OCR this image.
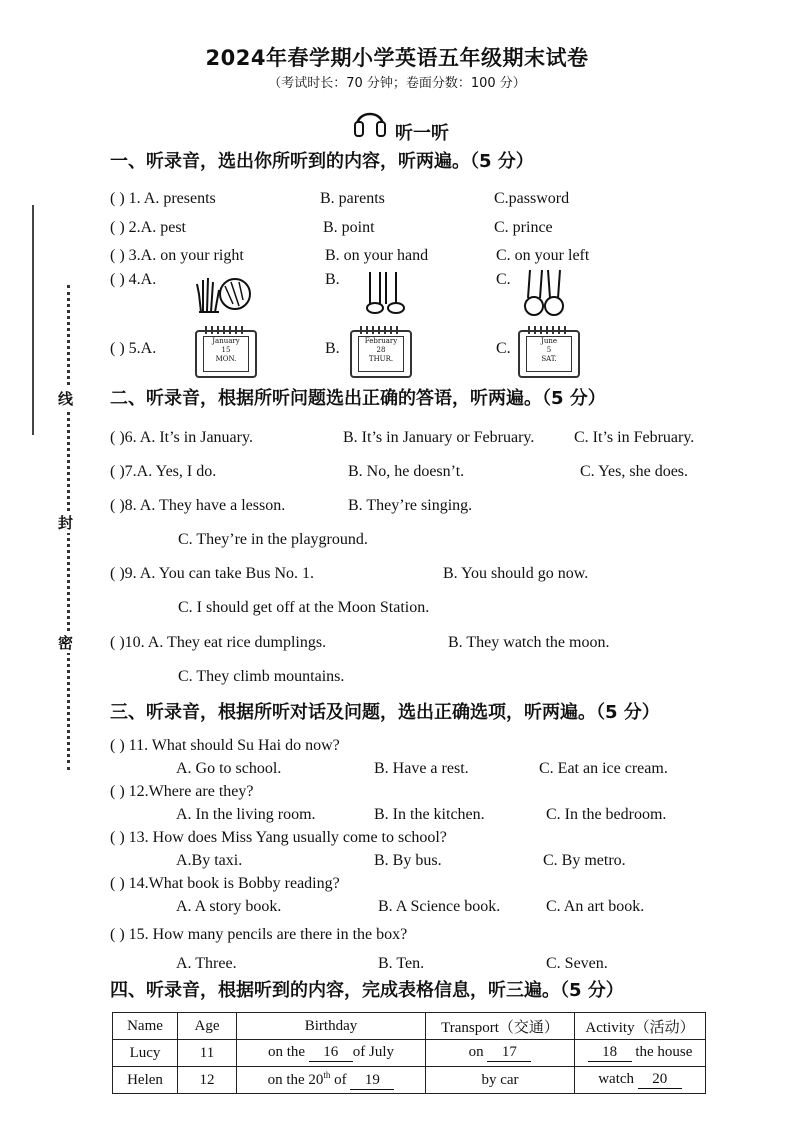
线
封
密
2024年春学期小学英语五年级期末试卷
（考试时长：70 分钟；卷面分数：100 分）
听一听
一、听录音，选出你所听到的内容，听两遍。（5 分）
( ) 1. A. presents	B. parents	C.password
( ) 2.A. pest	B. point	C. prince
( ) 3.A. on your right	B. on your hand	C. on your left
( ) 4.A.	B.	C.
( ) 5.A.	B.	C.
January
15
MON.
February
28
THUR.
June
5
SAT.
二、听录音，根据所听问题选出正确的答语，听两遍。（5 分）
( )6. A. It’s in January.	B. It’s in January or February. C. It’s in February.
( )7.A. Yes, I do.	B. No, he doesn’t.	C. Yes, she does.
( )8. A. They have a lesson.	B. They’re singing.
C. They’re in the playground.
( )9. A. You can take Bus No. 1.	B. You should go now.
C. I should get off at the Moon Station.
( )10. A. They eat rice dumplings.	B. They watch the moon.
C. They climb mountains.
三、听录音，根据所听对话及问题，选出正确选项，听两遍。（5 分）
( ) 11. What should Su Hai do now?
A. Go to school.	B. Have a rest.	C. Eat an ice cream.
( ) 12.Where are they?
A. In the living room.	B. In the kitchen.	C. In the bedroom.
( ) 13. How does Miss Yang usually come to school?
A.By taxi.	B. By bus.	C. By metro.
( ) 14.What book is Bobby reading?
A. A story book.	B. A Science book.	C. An art book.
( ) 15. How many pencils are there in the box?
A. Three.	B. Ten.	C. Seven.
四、听录音，根据听到的内容，完成表格信息，听三遍。（5 分）
Name	Age	Birthday	Transport（交通）	Activity（活动）
Lucy	11	on the 16 of July	on 17	18 the house
Helen	12	on the 20th of 19	by car	watch 20
